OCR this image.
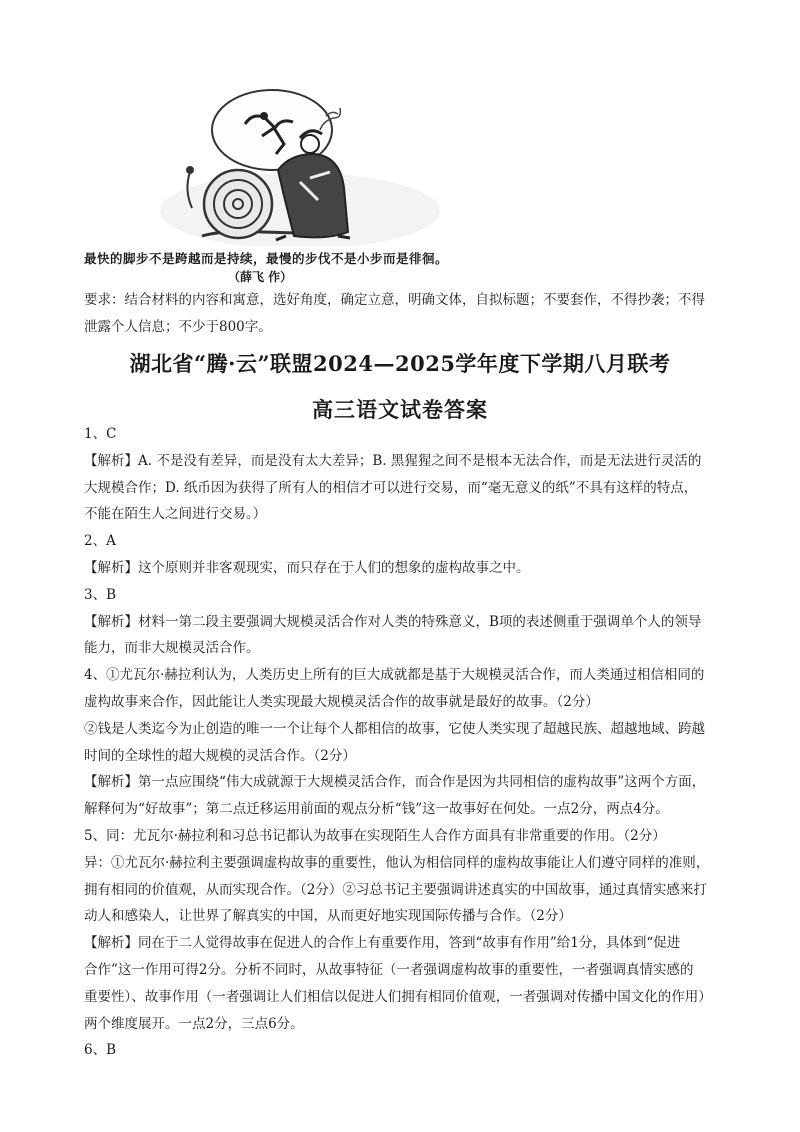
最快的脚步不是跨越而是持续，最慢的步伐不是小步而是徘徊。
（薛飞 作）
要求：结合材料的内容和寓意，选好角度，确定立意，明确文体，自拟标题；不要套作，不得抄袭；不得
泄露个人信息；不少于800字。
湖北省“腾·云”联盟2024—2025学年度下学期八月联考
高三语文试卷答案
1、C
【解析】A. 不是没有差异，而是没有太大差异；B. 黑猩猩之间不是根本无法合作，而是无法进行灵活的
大规模合作；D. 纸币因为获得了所有人的相信才可以进行交易，而“毫无意义的纸”不具有这样的特点，
不能在陌生人之间进行交易。）
2、A
【解析】这个原则并非客观现实，而只存在于人们的想象的虚构故事之中。
3、B
【解析】材料一第二段主要强调大规模灵活合作对人类的特殊意义，B项的表述侧重于强调单个人的领导
能力，而非大规模灵活合作。
4、①尤瓦尔·赫拉利认为，人类历史上所有的巨大成就都是基于大规模灵活合作，而人类通过相信相同的
虚构故事来合作，因此能让人类实现最大规模灵活合作的故事就是最好的故事。（2分）
②钱是人类迄今为止创造的唯一一个让每个人都相信的故事，它使人类实现了超越民族、超越地域、跨越
时间的全球性的超大规模的灵活合作。（2分）
【解析】第一点应围绕“伟大成就源于大规模灵活合作，而合作是因为共同相信的虚构故事”这两个方面，
解释何为“好故事”；第二点迁移运用前面的观点分析“钱”这一故事好在何处。一点2分，两点4分。
5、同：尤瓦尔·赫拉利和习总书记都认为故事在实现陌生人合作方面具有非常重要的作用。（2分）
异：①尤瓦尔·赫拉利主要强调虚构故事的重要性，他认为相信同样的虚构故事能让人们遵守同样的准则，
拥有相同的价值观，从而实现合作。（2分）②习总书记主要强调讲述真实的中国故事，通过真情实感来打
动人和感染人，让世界了解真实的中国，从而更好地实现国际传播与合作。（2分）
【解析】同在于二人觉得故事在促进人的合作上有重要作用，答到“故事有作用”给1分，具体到“促进
合作”这一作用可得2分。分析不同时，从故事特征（一者强调虚构故事的重要性，一者强调真情实感的
重要性）、故事作用（一者强调让人们相信以促进人们拥有相同价值观，一者强调对传播中国文化的作用）
两个维度展开。一点2分，三点6分。
6、B
